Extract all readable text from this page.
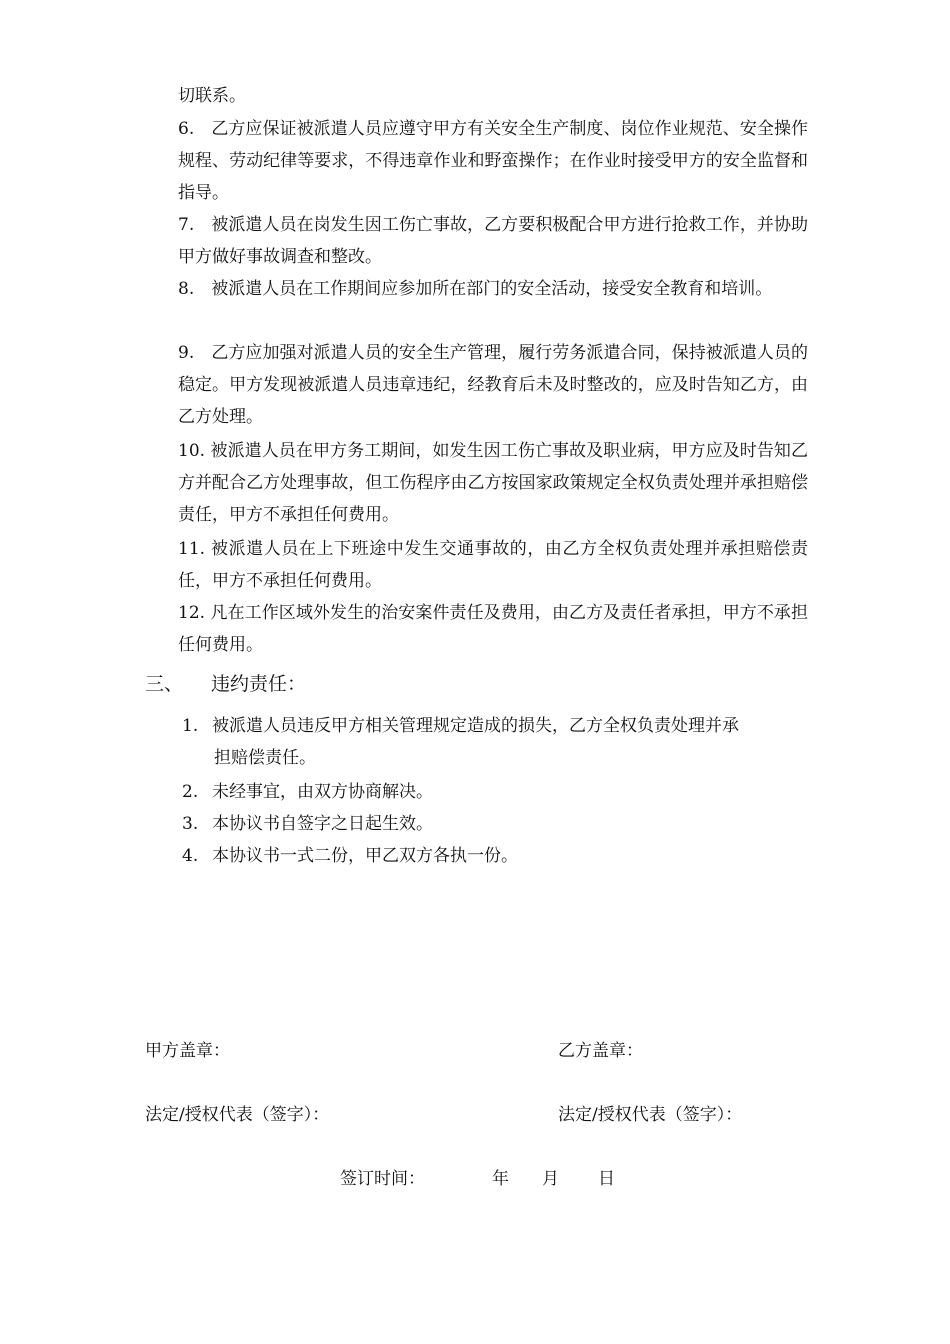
切联系。

6.　乙方应保证被派遣人员应遵守甲方有关安全生产制度、岗位作业规范、安全操作规程、劳动纪律等要求，不得违章作业和野蛮操作；在作业时接受甲方的安全监督和指导。

7.　被派遣人员在岗发生因工伤亡事故，乙方要积极配合甲方进行抢救工作，并协助甲方做好事故调查和整改。

8.　被派遣人员在工作期间应参加所在部门的安全活动，接受安全教育和培训。

9.　乙方应加强对派遣人员的安全生产管理，履行劳务派遣合同，保持被派遣人员的稳定。甲方发现被派遣人员违章违纪，经教育后未及时整改的，应及时告知乙方，由乙方处理。

10. 被派遣人员在甲方务工期间，如发生因工伤亡事故及职业病，甲方应及时告知乙方并配合乙方处理事故，但工伤程序由乙方按国家政策规定全权负责处理并承担赔偿责任，甲方不承担任何费用。

11. 被派遣人员在上下班途中发生交通事故的，由乙方全权负责处理并承担赔偿责任，甲方不承担任何费用。

12. 凡在工作区域外发生的治安案件责任及费用，由乙方及责任者承担，甲方不承担任何费用。

三、 违约责任：
1. 被派遣人员违反甲方相关管理规定造成的损失，乙方全权负责处理并承
担赔偿责任。
2. 未经事宜，由双方协商解决。
3. 本协议书自签字之日起生效。
4. 本协议书一式二份，甲乙双方各执一份。
甲方盖章：	乙方盖章：
法定/授权代表（签字）：	法定/授权代表（签字）：
签订时间：	年 月 日
